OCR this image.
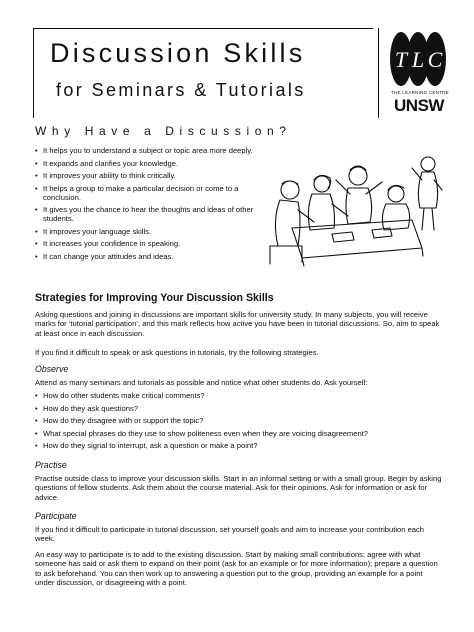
Discussion Skills
for Seminars & Tutorials
T L C
THE LEARNING CENTRE
UNSW
Why Have a Discussion?
• It helps you to understand a subject or topic area more deeply.
• It expands and clarifies your knowledge.
• It improves your ability to think critically.
• It helps a group to make a particular decision or come to a conclusion.
• It gives you the chance to hear the thoughts and ideas of other students.
• It improves your language skills.
• It increases your confidence in speaking.
• It can change your attitudes and ideas.
Strategies for Improving Your Discussion Skills

Asking questions and joining in discussions are important skills for university study. In many subjects, you will receive marks for ‘tutorial participation’, and this mark reflects how active you have been in tutorial discussions. So, aim to speak at least once in each discussion.

If you find it difficult to speak or ask questions in tutorials, try the following strategies.

Observe

Attend as many seminars and tutorials as possible and notice what other students do. Ask yourself:

• How do other students make critical comments?
• How do they ask questions?
• How do they disagree with or support the topic?
• What special phrases do they use to show politeness even when they are voicing disagreement?
• How do they signal to interrupt, ask a question or make a point?
Practise

Practise outside class to improve your discussion skills. Start in an informal setting or with a small group. Begin by asking questions of fellow students. Ask them about the course material. Ask for their opinions. Ask for information or ask for advice.

Participate

If you find it difficult to participate in tutorial discussion, set yourself goals and aim to increase your contribution each week.

An easy way to participate is to add to the existing discussion. Start by making small contributions; agree with what someone has said or ask them to expand on their point (ask for an example or for more information); prepare a question to ask beforehand. You can then work up to answering a question put to the group, providing an example for a point under discussion, or disagreeing with a point.
